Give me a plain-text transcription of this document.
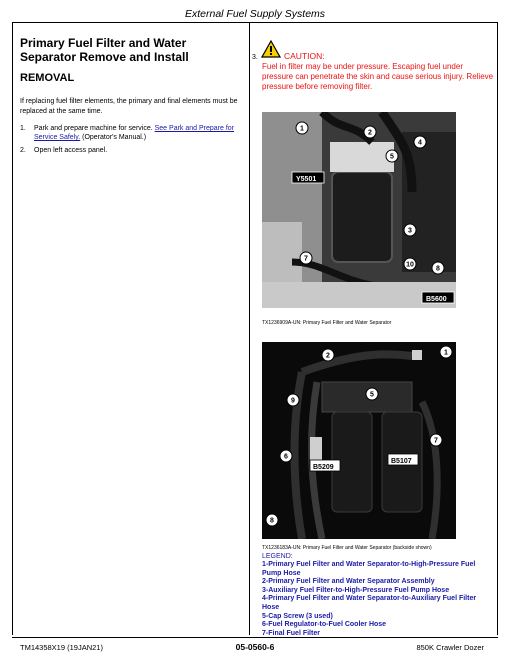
External Fuel Supply Systems
Primary Fuel Filter and Water Separator Remove and Install
REMOVAL
If replacing fuel filter elements, the primary and final elements must be replaced at the same time.
1.	Park and prepare machine for service. See Park and Prepare for Service Safely. (Operator's Manual.)
2.	Open left access panel.
3.	CAUTION:
Fuel in filter may be under pressure. Escaping fuel under pressure can penetrate the skin and cause serious injury. Relieve pressure before removing filter.
Y5501
B5600
1
2
4
5
3
7
10
8
TX1236909A-UN: Primary Fuel Filter and Water Separator
B5209
B5107
2	1
9
5
7
6
8
TX1236183A-UN: Primary Fuel Filter and Water Separator (backside shown)
LEGEND:
1-Primary Fuel Filter and Water Separator-to-High-Pressure Fuel Pump Hose
2-Primary Fuel Filter and Water Separator Assembly
3-Auxiliary Fuel Filter-to-High-Pressure Fuel Pump Hose
4-Primary Fuel Filter and Water Separator-to-Auxiliary Fuel Filter Hose
5-Cap Screw (3 used)
6-Fuel Regulator-to-Fuel Cooler Hose
7-Final Fuel Filter
TM14358X19 (19JAN21)	05-0560-6	850K Crawler Dozer
